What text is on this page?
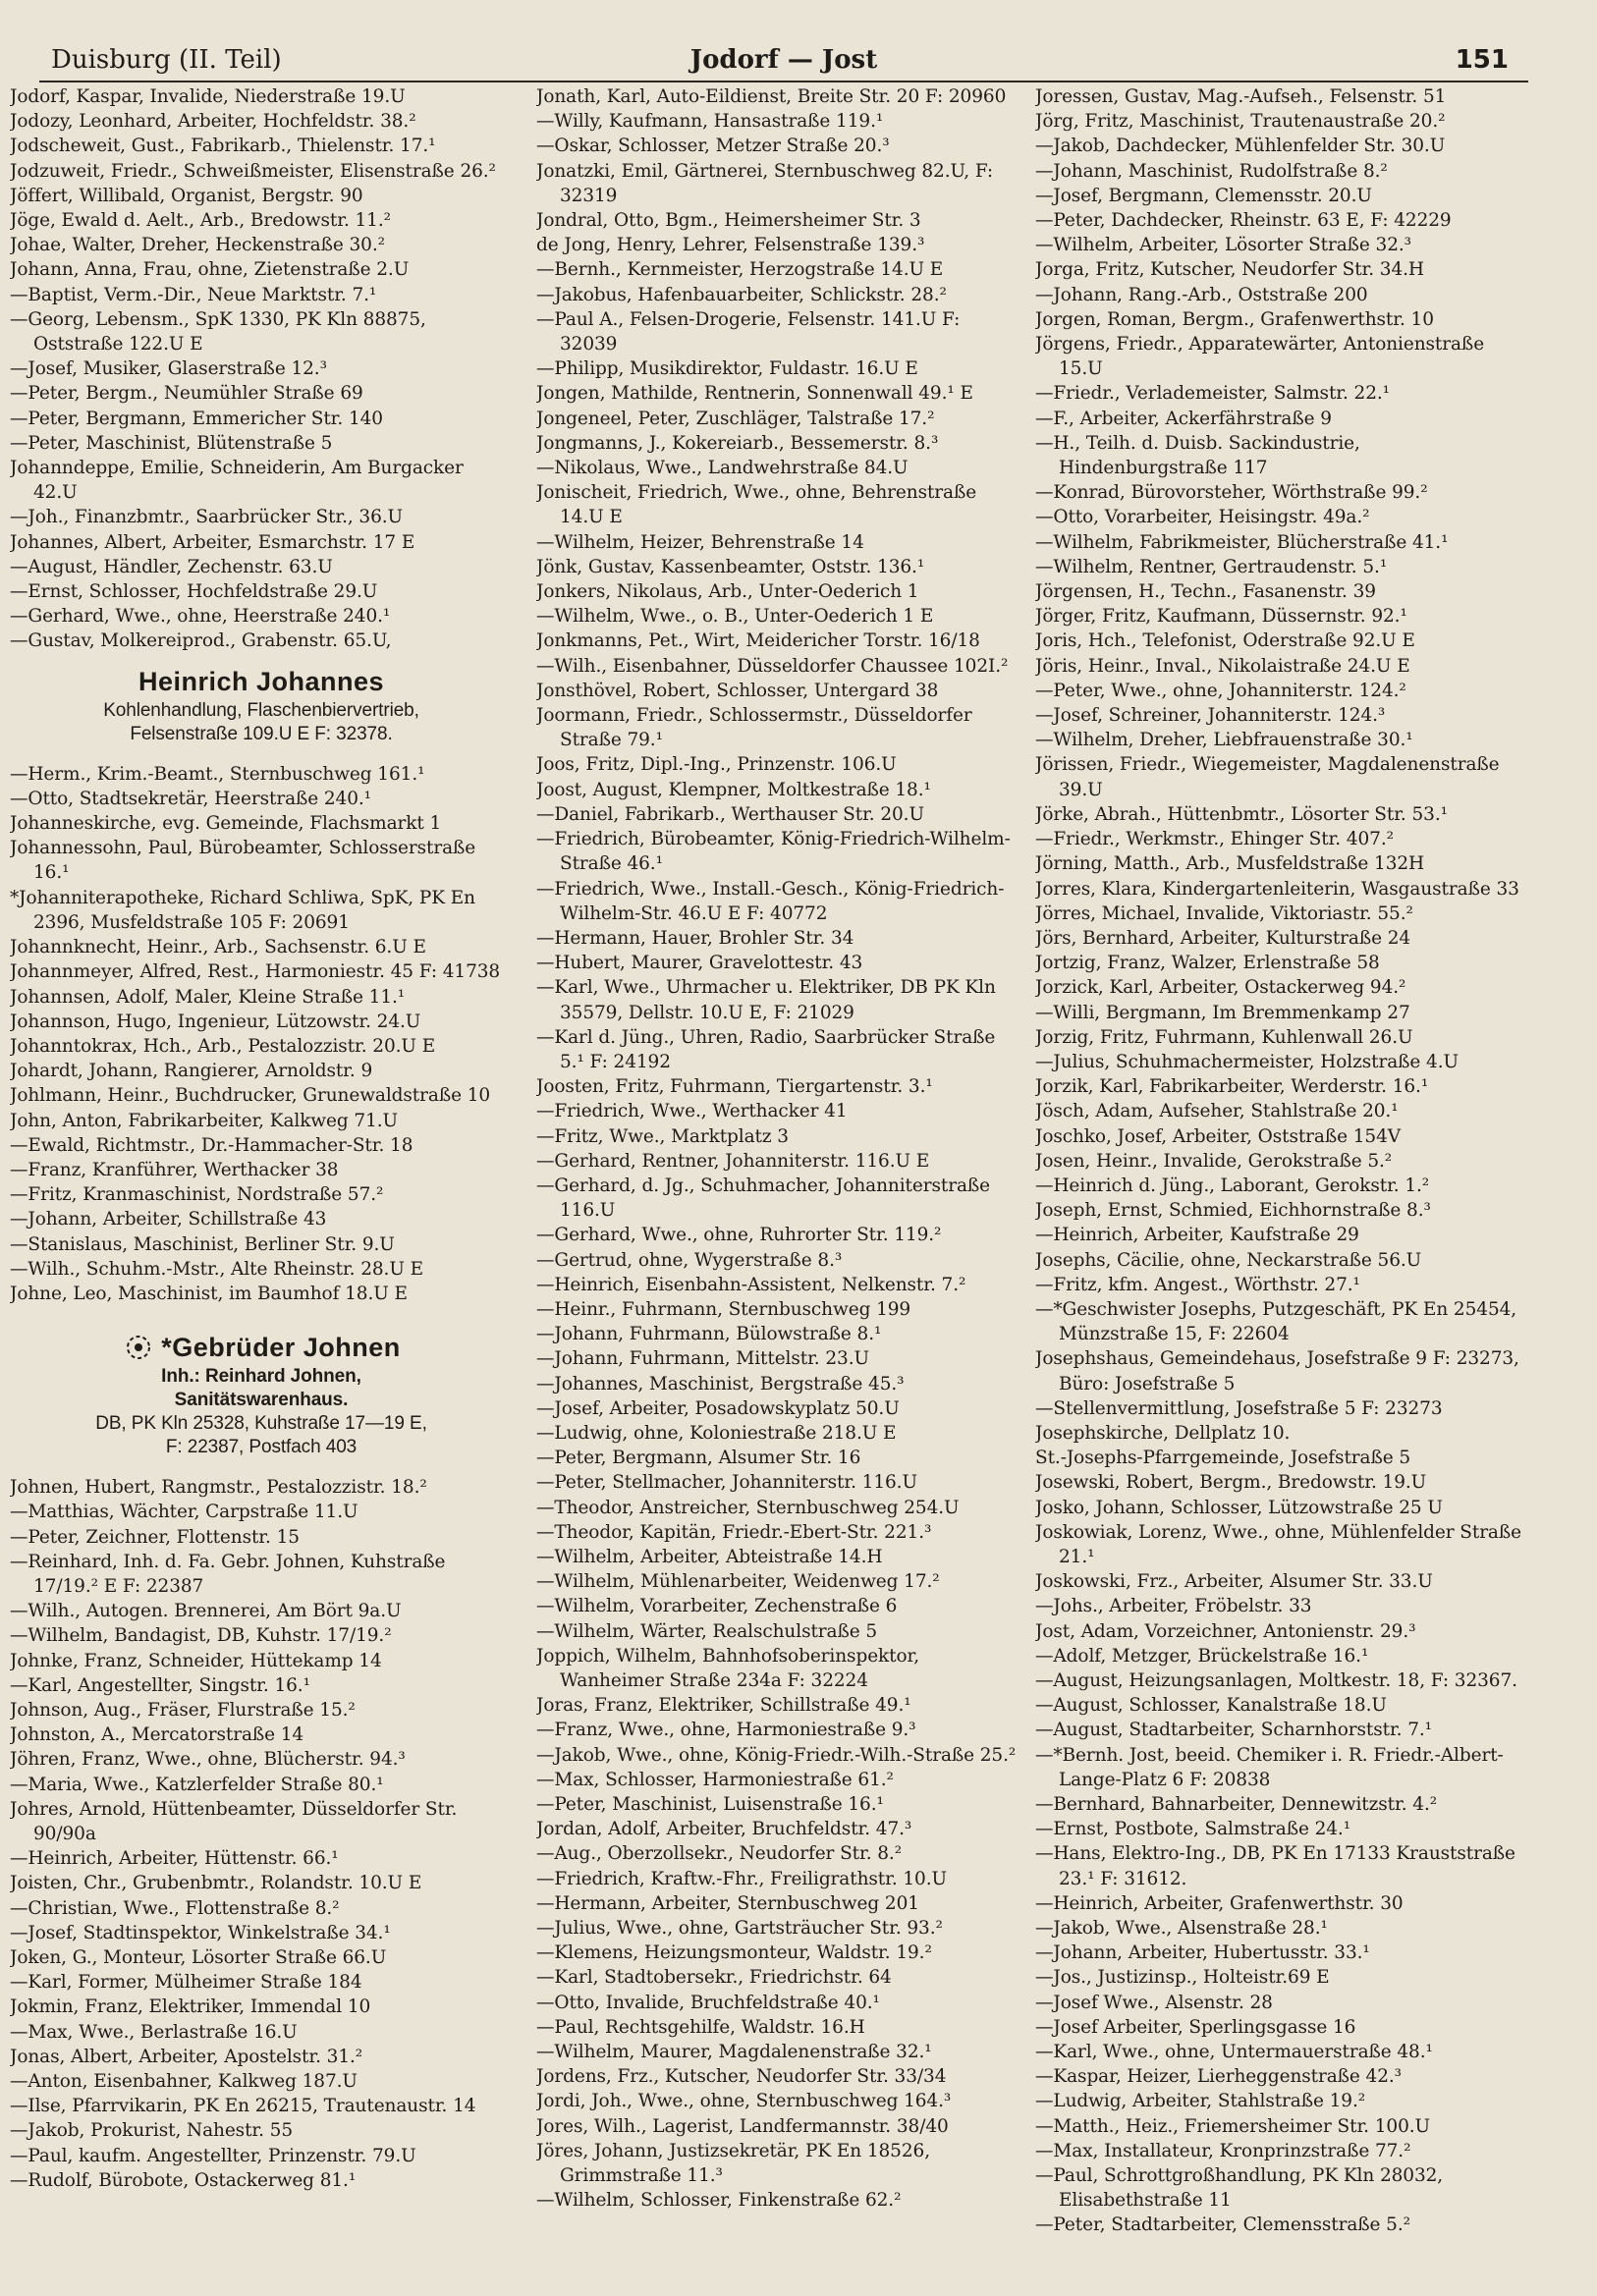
Duisburg (II. Teil)	Jodorf — Jost	151

Jodorf, Kaspar, Invalide, Niederstraße 19.U

Jodozy, Leonhard, Arbeiter, Hochfeldstr. 38.²

Jodscheweit, Gust., Fabrikarb., Thielenstr. 17.¹

Jodzuweit, Friedr., Schweißmeister, Elisenstraße 26.²

Jöffert, Willibald, Organist, Bergstr. 90

Jöge, Ewald d. Aelt., Arb., Bredowstr. 11.²

Johae, Walter, Dreher, Heckenstraße 30.²

Johann, Anna, Frau, ohne, Zietenstraße 2.U

—Baptist, Verm.-Dir., Neue Marktstr. 7.¹

—Georg, Lebensm., SpK 1330, PK Kln 88875, Oststraße 122.U E

—Josef, Musiker, Glaserstraße 12.³

—Peter, Bergm., Neumühler Straße 69

—Peter, Bergmann, Emmericher Str. 140

—Peter, Maschinist, Blütenstraße 5

Johanndeppe, Emilie, Schneiderin, Am Burgacker 42.U

—Joh., Finanzbmtr., Saarbrücker Str., 36.U

Johannes, Albert, Arbeiter, Esmarchstr. 17 E

—August, Händler, Zechenstr. 63.U

—Ernst, Schlosser, Hochfeldstraße 29.U

—Gerhard, Wwe., ohne, Heerstraße 240.¹

—Gustav, Molkereiprod., Grabenstr. 65.U,

Heinrich Johannes
Kohlenhandlung, Flaschenbiervertrieb,
Felsenstraße 109.U E F: 32378.

—Herm., Krim.-Beamt., Sternbuschweg 161.¹

—Otto, Stadtsekretär, Heerstraße 240.¹

Johanneskirche, evg. Gemeinde, Flachsmarkt 1

Johannessohn, Paul, Bürobeamter, Schlosserstraße 16.¹

*Johanniterapotheke, Richard Schliwa, SpK, PK En 2396, Musfeldstraße 105 F: 20691

Johannknecht, Heinr., Arb., Sachsenstr. 6.U E

Johannmeyer, Alfred, Rest., Harmoniestr. 45 F: 41738

Johannsen, Adolf, Maler, Kleine Straße 11.¹

Johannson, Hugo, Ingenieur, Lützowstr. 24.U

Johanntokrax, Hch., Arb., Pestalozzistr. 20.U E

Johardt, Johann, Rangierer, Arnoldstr. 9

Johlmann, Heinr., Buchdrucker, Grunewaldstraße 10

John, Anton, Fabrikarbeiter, Kalkweg 71.U

—Ewald, Richtmstr., Dr.-Hammacher-Str. 18

—Franz, Kranführer, Werthacker 38

—Fritz, Kranmaschinist, Nordstraße 57.²

—Johann, Arbeiter, Schillstraße 43

—Stanislaus, Maschinist, Berliner Str. 9.U

—Wilh., Schuhm.-Mstr., Alte Rheinstr. 28.U E

Johne, Leo, Maschinist, im Baumhof 18.U E

*Gebrüder Johnen
Inh.: Reinhard Johnen,
Sanitätswarenhaus.
DB, PK Kln 25328, Kuhstraße 17—19 E,
F: 22387, Postfach 403

Johnen, Hubert, Rangmstr., Pestalozzistr. 18.²

—Matthias, Wächter, Carpstraße 11.U

—Peter, Zeichner, Flottenstr. 15

—Reinhard, Inh. d. Fa. Gebr. Johnen, Kuhstraße 17/19.² E F: 22387

—Wilh., Autogen. Brennerei, Am Bört 9a.U

—Wilhelm, Bandagist, DB, Kuhstr. 17/19.²

Johnke, Franz, Schneider, Hüttekamp 14

—Karl, Angestellter, Singstr. 16.¹

Johnson, Aug., Fräser, Flurstraße 15.²

Johnston, A., Mercatorstraße 14

Jöhren, Franz, Wwe., ohne, Blücherstr. 94.³

—Maria, Wwe., Katzlerfelder Straße 80.¹

Johres, Arnold, Hüttenbeamter, Düsseldorfer Str. 90/90a

—Heinrich, Arbeiter, Hüttenstr. 66.¹

Joisten, Chr., Grubenbmtr., Rolandstr. 10.U E

—Christian, Wwe., Flottenstraße 8.²

—Josef, Stadtinspektor, Winkelstraße 34.¹

Joken, G., Monteur, Lösorter Straße 66.U

—Karl, Former, Mülheimer Straße 184

Jokmin, Franz, Elektriker, Immendal 10

—Max, Wwe., Berlastraße 16.U

Jonas, Albert, Arbeiter, Apostelstr. 31.²

—Anton, Eisenbahner, Kalkweg 187.U

—Ilse, Pfarrvikarin, PK En 26215, Trautenaustr. 14

—Jakob, Prokurist, Nahestr. 55

—Paul, kaufm. Angestellter, Prinzenstr. 79.U

—Rudolf, Bürobote, Ostackerweg 81.¹

Jonath, Karl, Auto-Eildienst, Breite Str. 20 F: 20960

—Willy, Kaufmann, Hansastraße 119.¹

—Oskar, Schlosser, Metzer Straße 20.³

Jonatzki, Emil, Gärtnerei, Sternbuschweg 82.U, F: 32319

Jondral, Otto, Bgm., Heimersheimer Str. 3

de Jong, Henry, Lehrer, Felsenstraße 139.³

—Bernh., Kernmeister, Herzogstraße 14.U E

—Jakobus, Hafenbauarbeiter, Schlickstr. 28.²

—Paul A., Felsen-Drogerie, Felsenstr. 141.U F: 32039

—Philipp, Musikdirektor, Fuldastr. 16.U E

Jongen, Mathilde, Rentnerin, Sonnenwall 49.¹ E

Jongeneel, Peter, Zuschläger, Talstraße 17.²

Jongmanns, J., Kokereiarb., Bessemerstr. 8.³

—Nikolaus, Wwe., Landwehrstraße 84.U

Jonischeit, Friedrich, Wwe., ohne, Behrenstraße 14.U E

—Wilhelm, Heizer, Behrenstraße 14

Jönk, Gustav, Kassenbeamter, Oststr. 136.¹

Jonkers, Nikolaus, Arb., Unter-Oederich 1

—Wilhelm, Wwe., o. B., Unter-Oederich 1 E

Jonkmanns, Pet., Wirt, Meidericher Torstr. 16/18

—Wilh., Eisenbahner, Düsseldorfer Chaussee 102I.²

Jonsthövel, Robert, Schlosser, Untergard 38

Joormann, Friedr., Schlossermstr., Düsseldorfer Straße 79.¹

Joos, Fritz, Dipl.-Ing., Prinzenstr. 106.U

Joost, August, Klempner, Moltkestraße 18.¹

—Daniel, Fabrikarb., Werthauser Str. 20.U

—Friedrich, Bürobeamter, König-Friedrich-Wilhelm-Straße 46.¹

—Friedrich, Wwe., Install.-Gesch., König-Friedrich-Wilhelm-Str. 46.U E F: 40772

—Hermann, Hauer, Brohler Str. 34

—Hubert, Maurer, Gravelottestr. 43

—Karl, Wwe., Uhrmacher u. Elektriker, DB PK Kln 35579, Dellstr. 10.U E, F: 21029

—Karl d. Jüng., Uhren, Radio, Saarbrücker Straße 5.¹ F: 24192

Joosten, Fritz, Fuhrmann, Tiergartenstr. 3.¹

—Friedrich, Wwe., Werthacker 41

—Fritz, Wwe., Marktplatz 3

—Gerhard, Rentner, Johanniterstr. 116.U E

—Gerhard, d. Jg., Schuhmacher, Johanniterstraße 116.U

—Gerhard, Wwe., ohne, Ruhrorter Str. 119.²

—Gertrud, ohne, Wygerstraße 8.³

—Heinrich, Eisenbahn-Assistent, Nelkenstr. 7.²

—Heinr., Fuhrmann, Sternbuschweg 199

—Johann, Fuhrmann, Bülowstraße 8.¹

—Johann, Fuhrmann, Mittelstr. 23.U

—Johannes, Maschinist, Bergstraße 45.³

—Josef, Arbeiter, Posadowskyplatz 50.U

—Ludwig, ohne, Koloniestraße 218.U E

—Peter, Bergmann, Alsumer Str. 16

—Peter, Stellmacher, Johanniterstr. 116.U

—Theodor, Anstreicher, Sternbuschweg 254.U

—Theodor, Kapitän, Friedr.-Ebert-Str. 221.³

—Wilhelm, Arbeiter, Abteistraße 14.H

—Wilhelm, Mühlenarbeiter, Weidenweg 17.²

—Wilhelm, Vorarbeiter, Zechenstraße 6

—Wilhelm, Wärter, Realschulstraße 5

Joppich, Wilhelm, Bahnhofsoberinspektor, Wanheimer Straße 234a F: 32224

Joras, Franz, Elektriker, Schillstraße 49.¹

—Franz, Wwe., ohne, Harmoniestraße 9.³

—Jakob, Wwe., ohne, König-Friedr.-Wilh.-Straße 25.²

—Max, Schlosser, Harmoniestraße 61.²

—Peter, Maschinist, Luisenstraße 16.¹

Jordan, Adolf, Arbeiter, Bruchfeldstr. 47.³

—Aug., Oberzollsekr., Neudorfer Str. 8.²

—Friedrich, Kraftw.-Fhr., Freiligrathstr. 10.U

—Hermann, Arbeiter, Sternbuschweg 201

—Julius, Wwe., ohne, Gartsträucher Str. 93.²

—Klemens, Heizungsmonteur, Waldstr. 19.²

—Karl, Stadtobersekr., Friedrichstr. 64

—Otto, Invalide, Bruchfeldstraße 40.¹

—Paul, Rechtsgehilfe, Waldstr. 16.H

—Wilhelm, Maurer, Magdalenenstraße 32.¹

Jordens, Frz., Kutscher, Neudorfer Str. 33/34

Jordi, Joh., Wwe., ohne, Sternbuschweg 164.³

Jores, Wilh., Lagerist, Landfermannstr. 38/40

Jöres, Johann, Justizsekretär, PK En 18526, Grimmstraße 11.³

—Wilhelm, Schlosser, Finkenstraße 62.²

Joressen, Gustav, Mag.-Aufseh., Felsenstr. 51

Jörg, Fritz, Maschinist, Trautenaustraße 20.²

—Jakob, Dachdecker, Mühlenfelder Str. 30.U

—Johann, Maschinist, Rudolfstraße 8.²

—Josef, Bergmann, Clemensstr. 20.U

—Peter, Dachdecker, Rheinstr. 63 E, F: 42229

—Wilhelm, Arbeiter, Lösorter Straße 32.³

Jorga, Fritz, Kutscher, Neudorfer Str. 34.H

—Johann, Rang.-Arb., Oststraße 200

Jorgen, Roman, Bergm., Grafenwerthstr. 10

Jörgens, Friedr., Apparatewärter, Antonienstraße 15.U

—Friedr., Verlademeister, Salmstr. 22.¹

—F., Arbeiter, Ackerfährstraße 9

—H., Teilh. d. Duisb. Sackindustrie, Hindenburgstraße 117

—Konrad, Bürovorsteher, Wörthstraße 99.²

—Otto, Vorarbeiter, Heisingstr. 49a.²

—Wilhelm, Fabrikmeister, Blücherstraße 41.¹

—Wilhelm, Rentner, Gertraudenstr. 5.¹

Jörgensen, H., Techn., Fasanenstr. 39

Jörger, Fritz, Kaufmann, Düssernstr. 92.¹

Joris, Hch., Telefonist, Oderstraße 92.U E

Jöris, Heinr., Inval., Nikolaistraße 24.U E

—Peter, Wwe., ohne, Johanniterstr. 124.²

—Josef, Schreiner, Johanniterstr. 124.³

—Wilhelm, Dreher, Liebfrauenstraße 30.¹

Jörissen, Friedr., Wiegemeister, Magdalenenstraße 39.U

Jörke, Abrah., Hüttenbmtr., Lösorter Str. 53.¹

—Friedr., Werkmstr., Ehinger Str. 407.²

Jörning, Matth., Arb., Musfeldstraße 132H

Jorres, Klara, Kindergartenleiterin, Wasgaustraße 33

Jörres, Michael, Invalide, Viktoriastr. 55.²

Jörs, Bernhard, Arbeiter, Kulturstraße 24

Jortzig, Franz, Walzer, Erlenstraße 58

Jorzick, Karl, Arbeiter, Ostackerweg 94.²

—Willi, Bergmann, Im Bremmenkamp 27

Jorzig, Fritz, Fuhrmann, Kuhlenwall 26.U

—Julius, Schuhmachermeister, Holzstraße 4.U

Jorzik, Karl, Fabrikarbeiter, Werderstr. 16.¹

Jösch, Adam, Aufseher, Stahlstraße 20.¹

Joschko, Josef, Arbeiter, Oststraße 154V

Josen, Heinr., Invalide, Gerokstraße 5.²

—Heinrich d. Jüng., Laborant, Gerokstr. 1.²

Joseph, Ernst, Schmied, Eichhornstraße 8.³

—Heinrich, Arbeiter, Kaufstraße 29

Josephs, Cäcilie, ohne, Neckarstraße 56.U

—Fritz, kfm. Angest., Wörthstr. 27.¹

—*Geschwister Josephs, Putzgeschäft, PK En 25454, Münzstraße 15, F: 22604

Josephshaus, Gemeindehaus, Josefstraße 9 F: 23273, Büro: Josefstraße 5

—Stellenvermittlung, Josefstraße 5 F: 23273

Josephskirche, Dellplatz 10.

St.-Josephs-Pfarrgemeinde, Josefstraße 5

Josewski, Robert, Bergm., Bredowstr. 19.U

Josko, Johann, Schlosser, Lützowstraße 25 U

Joskowiak, Lorenz, Wwe., ohne, Mühlenfelder Straße 21.¹

Joskowski, Frz., Arbeiter, Alsumer Str. 33.U

—Johs., Arbeiter, Fröbelstr. 33

Jost, Adam, Vorzeichner, Antonienstr. 29.³

—Adolf, Metzger, Brückelstraße 16.¹

—August, Heizungsanlagen, Moltkestr. 18, F: 32367.

—August, Schlosser, Kanalstraße 18.U

—August, Stadtarbeiter, Scharnhorststr. 7.¹

—*Bernh. Jost, beeid. Chemiker i. R. Friedr.-Albert-Lange-Platz 6 F: 20838

—Bernhard, Bahnarbeiter, Dennewitzstr. 4.²

—Ernst, Postbote, Salmstraße 24.¹

—Hans, Elektro-Ing., DB, PK En 17133 Krauststraße 23.¹ F: 31612.

—Heinrich, Arbeiter, Grafenwerthstr. 30

—Jakob, Wwe., Alsenstraße 28.¹

—Johann, Arbeiter, Hubertusstr. 33.¹

—Jos., Justizinsp., Holteistr.69 E

—Josef Wwe., Alsenstr. 28

—Josef Arbeiter, Sperlingsgasse 16

—Karl, Wwe., ohne, Untermauerstraße 48.¹

—Kaspar, Heizer, Lierheggenstraße 42.³

—Ludwig, Arbeiter, Stahlstraße 19.²

—Matth., Heiz., Friemersheimer Str. 100.U

—Max, Installateur, Kronprinzstraße 77.²

—Paul, Schrottgroßhandlung, PK Kln 28032, Elisabethstraße 11

—Peter, Stadtarbeiter, Clemensstraße 5.²
